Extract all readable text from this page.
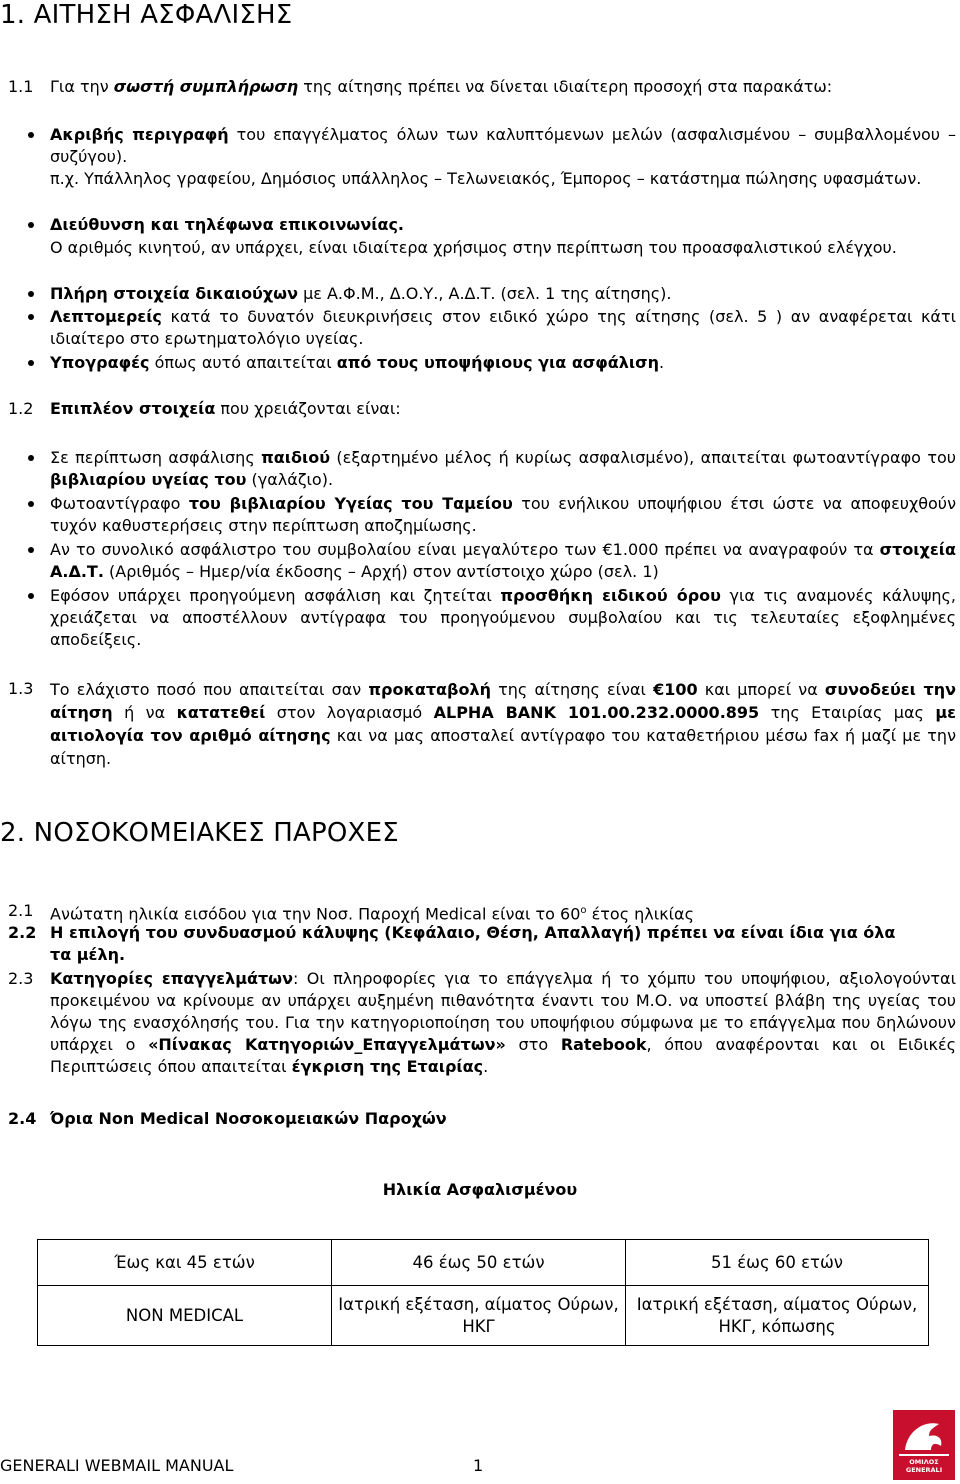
1. ΑΙΤΗΣΗ ΑΣΦΑΛΙΣΗΣ
1.1 Για την σωστή συμπλήρωση της αίτησης πρέπει να δίνεται ιδιαίτερη προσοχή στα παρακάτω:
Ακριβής περιγραφή του επαγγέλματος όλων των καλυπτόμενων μελών (ασφαλισμένου – συμβαλλομένου – συζύγου).
π.χ. Υπάλληλος γραφείου, Δημόσιος υπάλληλος – Τελωνειακός, Έμπορος – κατάστημα πώλησης υφασμάτων.
Διεύθυνση και τηλέφωνα επικοινωνίας.
Ο αριθμός κινητού, αν υπάρχει, είναι ιδιαίτερα χρήσιμος στην περίπτωση του προασφαλιστικού ελέγχου.
Πλήρη στοιχεία δικαιούχων με Α.Φ.Μ., Δ.Ο.Υ., Α.Δ.Τ. (σελ. 1 της αίτησης).
Λεπτομερείς κατά το δυνατόν διευκρινήσεις στον ειδικό χώρο της αίτησης (σελ. 5 ) αν αναφέρεται κάτι ιδιαίτερο στο ερωτηματολόγιο υγείας.
Υπογραφές όπως αυτό απαιτείται από τους υποψήφιους για ασφάλιση.
1.2 Επιπλέον στοιχεία που χρειάζονται είναι:
Σε περίπτωση ασφάλισης παιδιού (εξαρτημένο μέλος ή κυρίως ασφαλισμένο), απαιτείται φωτοαντίγραφο του βιβλιαρίου υγείας του (γαλάζιο).
Φωτοαντίγραφο του βιβλιαρίου Υγείας του Ταμείου του ενήλικου υποψήφιου έτσι ώστε να αποφευχθούν τυχόν καθυστερήσεις στην περίπτωση αποζημίωσης.
Αν το συνολικό ασφάλιστρο του συμβολαίου είναι μεγαλύτερο των €1.000 πρέπει να αναγραφούν τα στοιχεία Α.Δ.Τ. (Αριθμός – Ημερ/νία έκδοσης – Αρχή) στον αντίστοιχο χώρο (σελ. 1)
Εφόσον υπάρχει προηγούμενη ασφάλιση και ζητείται προσθήκη ειδικού όρου για τις αναμονές κάλυψης, χρειάζεται να αποστέλλουν αντίγραφα του προηγούμενου συμβολαίου και τις τελευταίες εξοφλημένες αποδείξεις.
1.3 Το ελάχιστο ποσό που απαιτείται σαν προκαταβολή της αίτησης είναι €100 και μπορεί να συνοδεύει την αίτηση ή να κατατεθεί στον λογαριασμό ALPHA BANK 101.00.232.0000.895 της Εταιρίας μας με αιτιολογία τον αριθμό αίτησης και να μας αποσταλεί αντίγραφο του καταθετήριου μέσω fax ή μαζί με την αίτηση.
2. ΝΟΣΟΚΟΜΕΙΑΚΕΣ ΠΑΡΟΧΕΣ
2.1 Ανώτατη ηλικία εισόδου για την Νοσ. Παροχή Medical είναι το $60^o$ έτος ηλικίας
2.2 Η επιλογή του συνδυασμού κάλυψης (Κεφάλαιο, Θέση, Απαλλαγή) πρέπει να είναι ίδια για όλα τα μέλη.
2.3 Κατηγορίες επαγγελμάτων: Οι πληροφορίες για το επάγγελμα ή το χόμπυ του υποψήφιου, αξιολογούνται προκειμένου να κρίνουμε αν υπάρχει αυξημένη πιθανότητα έναντι του Μ.Ο. να υποστεί βλάβη της υγείας του λόγω της ενασχόλησής του. Για την κατηγοριοποίηση του υποψήφιου σύμφωνα με το επάγγελμα που δηλώνουν υπάρχει ο «Πίνακας Κατηγοριών_Επαγγελμάτων» στο Ratebook, όπου αναφέρονται και οι Ειδικές Περιπτώσεις όπου απαιτείται έγκριση της Εταιρίας.
2.4 Όρια Non Medical Νοσοκομειακών Παροχών
Ηλικία Ασφαλισμένου
Έως και 45 ετών	46 έως 50 ετών	51 έως 60 ετών
NON MEDICAL	Ιατρική εξέταση, αίματος Ούρων, ΗΚΓ	Ιατρική εξέταση, αίματος Ούρων, ΗΚΓ, κόπωσης
GENERALI WEBMAIL MANUAL	1	ΟΜΙΛΟΣ GENERALI
